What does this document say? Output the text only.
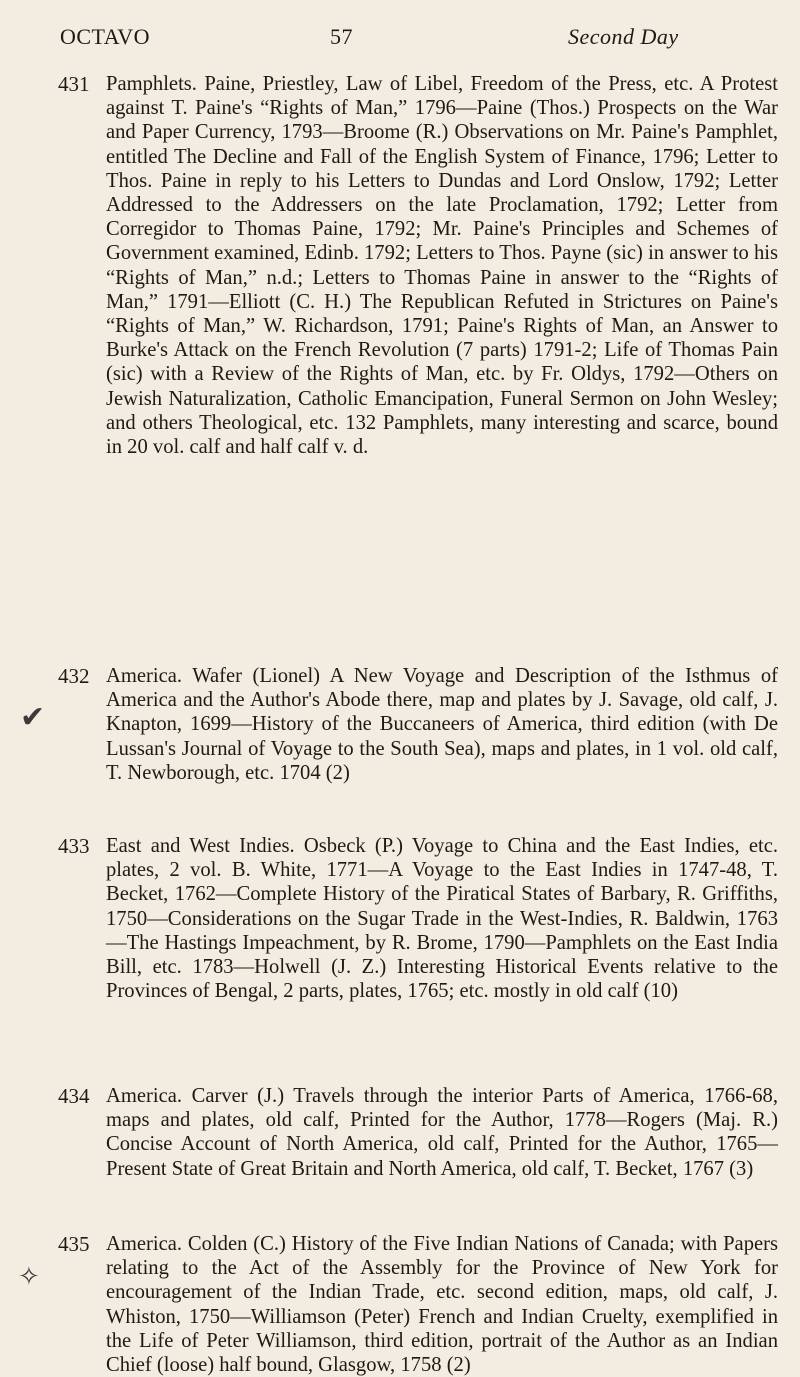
OCTAVO	57	Second Day
431 Pamphlets. Paine, Priestley, Law of Libel, Freedom of the Press, etc. A Protest against T. Paine's “Rights of Man,” 1796—Paine (Thos.) Prospects on the War and Paper Currency, 1793—Broome (R.) Observations on Mr. Paine's Pamphlet, entitled The Decline and Fall of the English System of Finance, 1796; Letter to Thos. Paine in reply to his Letters to Dundas and Lord Onslow, 1792; Letter Addressed to the Addressers on the late Proclamation, 1792; Letter from Corregidor to Thomas Paine, 1792; Mr. Paine's Principles and Schemes of Government examined, Edinb. 1792; Letters to Thos. Payne (sic) in answer to his “Rights of Man,” n.d.; Letters to Thomas Paine in answer to the “Rights of Man,” 1791—Elliott (C. H.) The Republican Refuted in Strictures on Paine's “Rights of Man,” W. Richardson, 1791; Paine's Rights of Man, an Answer to Burke's Attack on the French Revolution (7 parts) 1791-2; Life of Thomas Pain (sic) with a Review of the Rights of Man, etc. by Fr. Oldys, 1792—Others on Jewish Naturalization, Catholic Emancipation, Funeral Sermon on John Wesley; and others Theological, etc. 132 Pamphlets, many interesting and scarce, bound in 20 vol. calf and half calf v. d.
432 America. Wafer (Lionel) A New Voyage and Description of the Isthmus of America and the Author's Abode there, map and plates by J. Savage, old calf, J. Knapton, 1699—History of the Buccaneers of America, third edition (with De Lussan's Journal of Voyage to the South Sea), maps and plates, in 1 vol. old calf, T. Newborough, etc. 1704 (2)
433 East and West Indies. Osbeck (P.) Voyage to China and the East Indies, etc. plates, 2 vol. B. White, 1771—A Voyage to the East Indies in 1747-48, T. Becket, 1762—Complete History of the Piratical States of Barbary, R. Griffiths, 1750—Considerations on the Sugar Trade in the West-Indies, R. Baldwin, 1763—The Hastings Impeachment, by R. Brome, 1790—Pamphlets on the East India Bill, etc. 1783—Holwell (J. Z.) Interesting Historical Events relative to the Provinces of Bengal, 2 parts, plates, 1765; etc. mostly in old calf (10)
434 America. Carver (J.) Travels through the interior Parts of America, 1766-68, maps and plates, old calf, Printed for the Author, 1778—Rogers (Maj. R.) Concise Account of North America, old calf, Printed for the Author, 1765—Present State of Great Britain and North America, old calf, T. Becket, 1767 (3)
435 America. Colden (C.) History of the Five Indian Nations of Canada; with Papers relating to the Act of the Assembly for the Province of New York for encouragement of the Indian Trade, etc. second edition, maps, old calf, J. Whiston, 1750—Williamson (Peter) French and Indian Cruelty, exemplified in the Life of Peter Williamson, third edition, portrait of the Author as an Indian Chief (loose) half bound, Glasgow, 1758 (2)
✔
✧
